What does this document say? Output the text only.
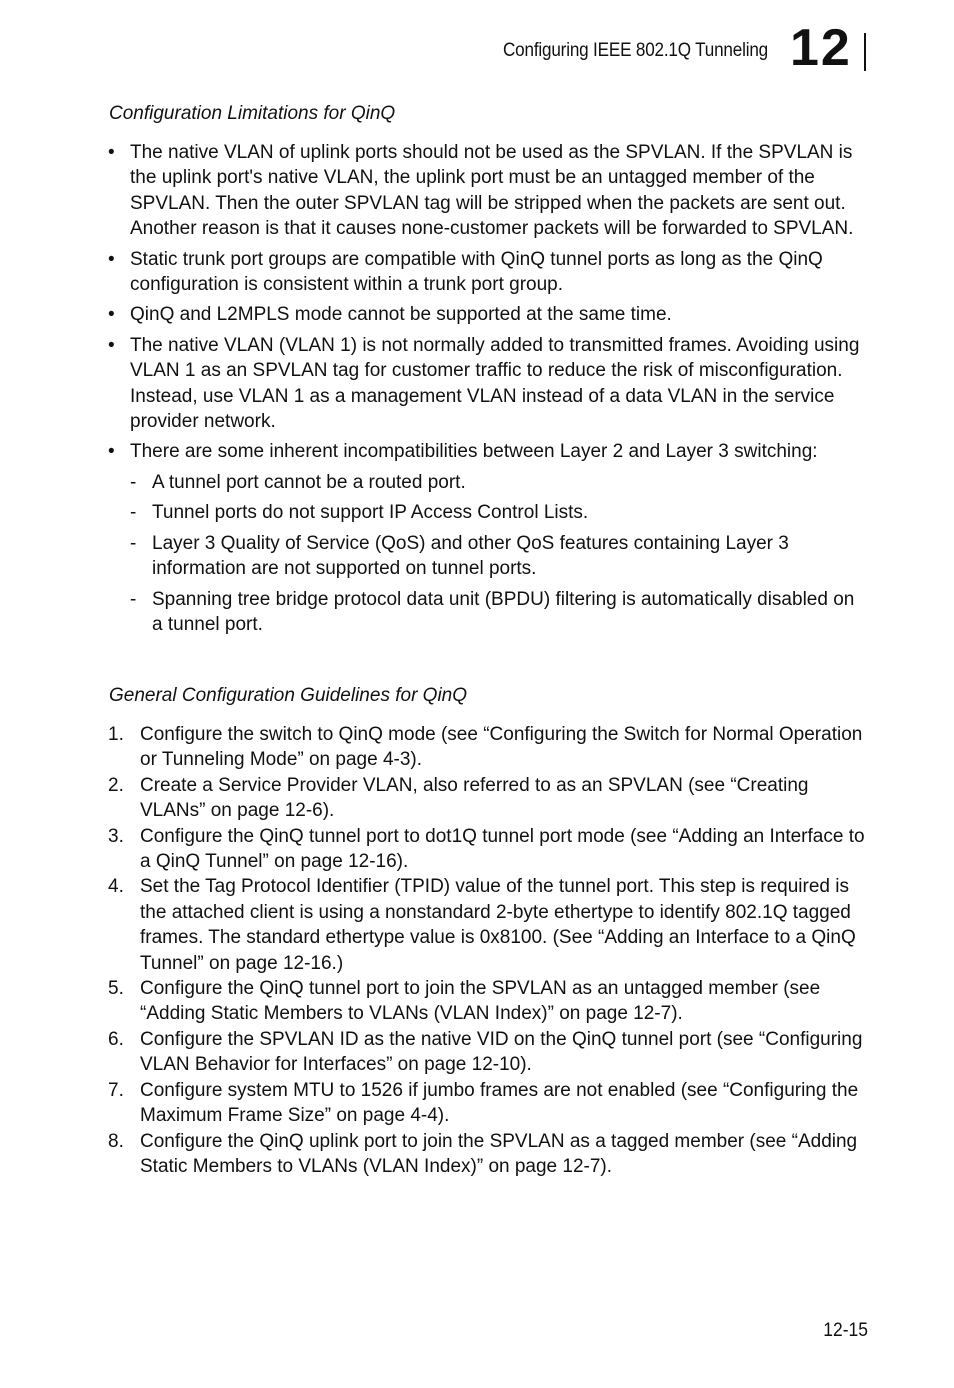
Configuring IEEE 802.1Q Tunneling 12
Configuration Limitations for QinQ
• The native VLAN of uplink ports should not be used as the SPVLAN. If the SPVLAN is the uplink port's native VLAN, the uplink port must be an untagged member of the SPVLAN. Then the outer SPVLAN tag will be stripped when the packets are sent out. Another reason is that it causes none-customer packets will be forwarded to SPVLAN.
• Static trunk port groups are compatible with QinQ tunnel ports as long as the QinQ configuration is consistent within a trunk port group.
• QinQ and L2MPLS mode cannot be supported at the same time.
• The native VLAN (VLAN 1) is not normally added to transmitted frames. Avoiding using VLAN 1 as an SPVLAN tag for customer traffic to reduce the risk of misconfiguration. Instead, use VLAN 1 as a management VLAN instead of a data VLAN in the service provider network.
• There are some inherent incompatibilities between Layer 2 and Layer 3 switching:
- A tunnel port cannot be a routed port.
- Tunnel ports do not support IP Access Control Lists.
- Layer 3 Quality of Service (QoS) and other QoS features containing Layer 3 information are not supported on tunnel ports.
- Spanning tree bridge protocol data unit (BPDU) filtering is automatically disabled on a tunnel port.
General Configuration Guidelines for QinQ
1. Configure the switch to QinQ mode (see “Configuring the Switch for Normal Operation or Tunneling Mode” on page 4-3).
2. Create a Service Provider VLAN, also referred to as an SPVLAN (see “Creating VLANs” on page 12-6).
3. Configure the QinQ tunnel port to dot1Q tunnel port mode (see “Adding an Interface to a QinQ Tunnel” on page 12-16).
4. Set the Tag Protocol Identifier (TPID) value of the tunnel port. This step is required is the attached client is using a nonstandard 2-byte ethertype to identify 802.1Q tagged frames. The standard ethertype value is 0x8100. (See “Adding an Interface to a QinQ Tunnel” on page 12-16.)
5. Configure the QinQ tunnel port to join the SPVLAN as an untagged member (see “Adding Static Members to VLANs (VLAN Index)” on page 12-7).
6. Configure the SPVLAN ID as the native VID on the QinQ tunnel port (see “Configuring VLAN Behavior for Interfaces” on page 12-10).
7. Configure system MTU to 1526 if jumbo frames are not enabled (see “Configuring the Maximum Frame Size” on page 4-4).
8. Configure the QinQ uplink port to join the SPVLAN as a tagged member (see “Adding Static Members to VLANs (VLAN Index)” on page 12-7).
12-15
